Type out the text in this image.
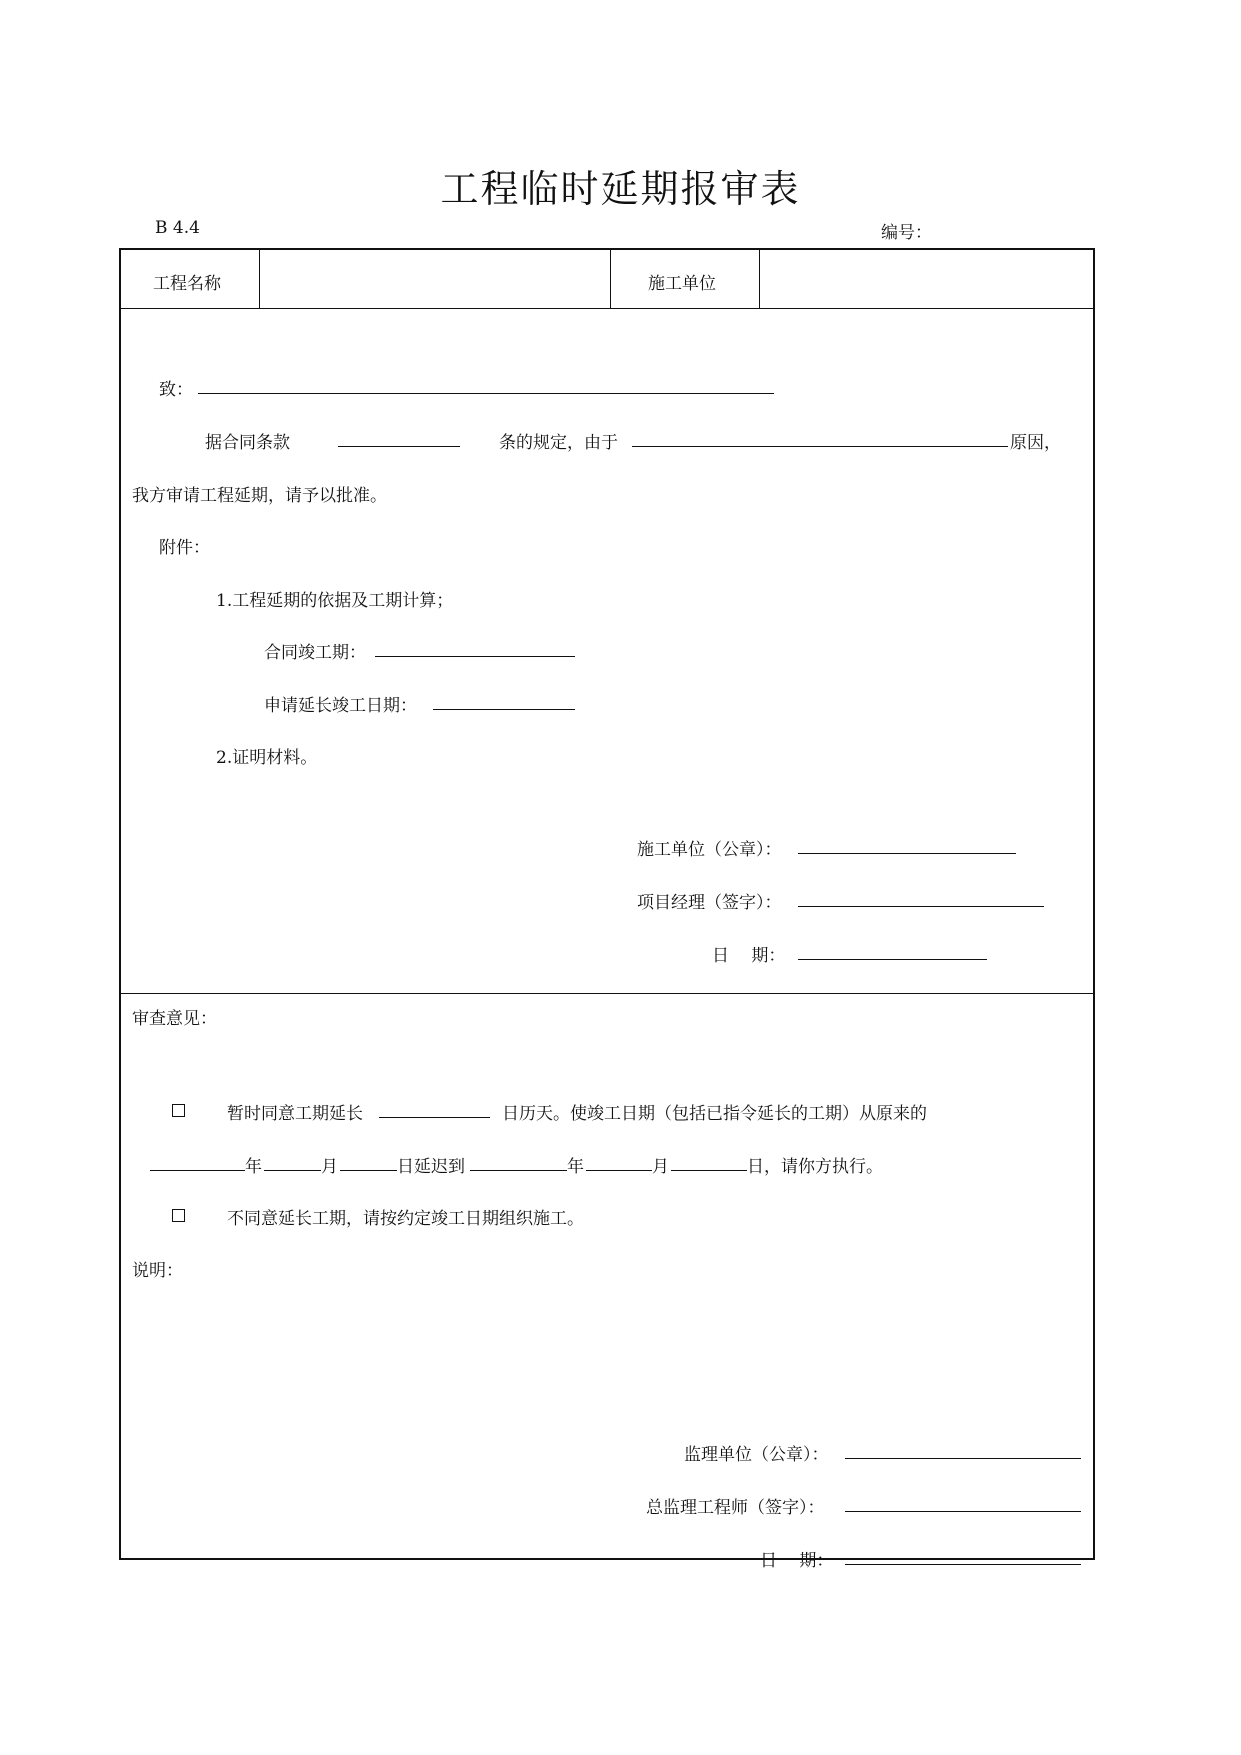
工程临时延期报审表
B 4.4	编号：
工程名称	施工单位
致：
据合同条款	条的规定，由于	原因，
我方审请工程延期，请予以批准。
附件：
1.工程延期的依据及工期计算；
合同竣工期：
申请延长竣工日期：
2.证明材料。
施工单位（公章）：
项目经理（签字）：
日　 期：
审查意见：
暂时同意工期延长	日历天。使竣工日期（包括已指令延长的工期）从原来的
年	月	日延迟到	年	月	日，请你方执行。
不同意延长工期，请按约定竣工日期组织施工。
说明：
监理单位（公章）：
总监理工程师（签字）：
日　 期：
